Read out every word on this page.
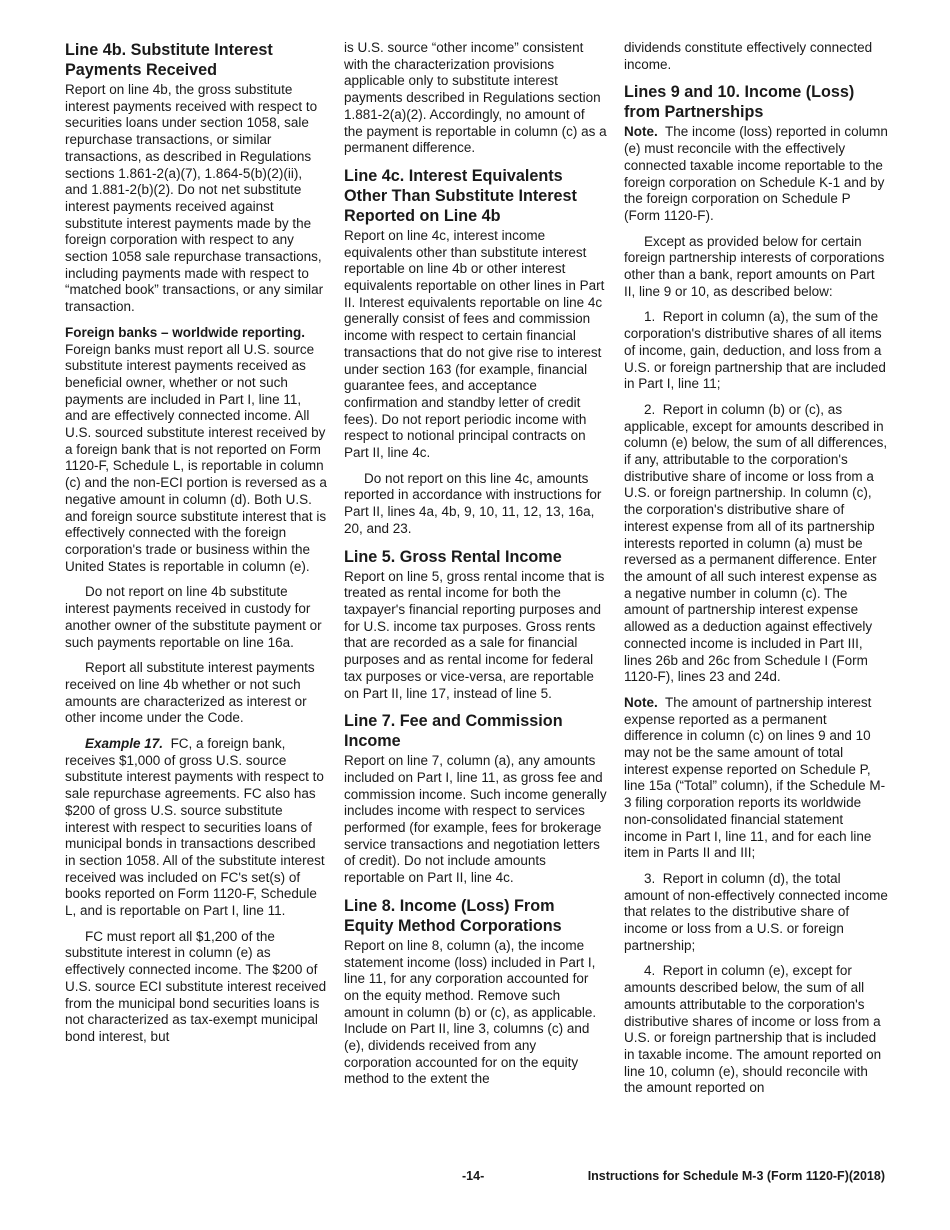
Line 4b. Substitute Interest Payments Received

Report on line 4b, the gross substitute interest payments received with respect to securities loans under section 1058, sale repurchase transactions, or similar transactions, as described in Regulations sections 1.861-2(a)(7), 1.864-5(b)(2)(ii), and 1.881-2(b)(2). Do not net substitute interest payments received against substitute interest payments made by the foreign corporation with respect to any section 1058 sale repurchase transactions, including payments made with respect to “matched book” transactions, or any similar transaction.

Foreign banks – worldwide reporting. Foreign banks must report all U.S. source substitute interest payments received as beneficial owner, whether or not such payments are included in Part I, line 11, and are effectively connected income. All U.S. sourced substitute interest received by a foreign bank that is not reported on Form 1120-F, Schedule L, is reportable in column (c) and the non-ECI portion is reversed as a negative amount in column (d). Both U.S. and foreign source substitute interest that is effectively connected with the foreign corporation's trade or business within the United States is reportable in column (e).

Do not report on line 4b substitute interest payments received in custody for another owner of the substitute payment or such payments reportable on line 16a.

Report all substitute interest payments received on line 4b whether or not such amounts are characterized as interest or other income under the Code.

Example 17. FC, a foreign bank, receives $1,000 of gross U.S. source substitute interest payments with respect to sale repurchase agreements. FC also has $200 of gross U.S. source substitute interest with respect to securities loans of municipal bonds in transactions described in section 1058. All of the substitute interest received was included on FC's set(s) of books reported on Form 1120-F, Schedule L, and is reportable on Part I, line 11.

FC must report all $1,200 of the substitute interest in column (e) as effectively connected income. The $200 of U.S. source ECI substitute interest received from the municipal bond securities loans is not characterized as tax-exempt municipal bond interest, but

is U.S. source “other income” consistent with the characterization provisions applicable only to substitute interest payments described in Regulations section 1.881-2(a)(2). Accordingly, no amount of the payment is reportable in column (c) as a permanent difference.

Line 4c. Interest Equivalents Other Than Substitute Interest Reported on Line 4b

Report on line 4c, interest income equivalents other than substitute interest reportable on line 4b or other interest equivalents reportable on other lines in Part II. Interest equivalents reportable on line 4c generally consist of fees and commission income with respect to certain financial transactions that do not give rise to interest under section 163 (for example, financial guarantee fees, and acceptance confirmation and standby letter of credit fees). Do not report periodic income with respect to notional principal contracts on Part II, line 4c.

Do not report on this line 4c, amounts reported in accordance with instructions for Part II, lines 4a, 4b, 9, 10, 11, 12, 13, 16a, 20, and 23.

Line 5. Gross Rental Income

Report on line 5, gross rental income that is treated as rental income for both the taxpayer's financial reporting purposes and for U.S. income tax purposes. Gross rents that are recorded as a sale for financial purposes and as rental income for federal tax purposes or vice-versa, are reportable on Part II, line 17, instead of line 5.

Line 7. Fee and Commission Income

Report on line 7, column (a), any amounts included on Part I, line 11, as gross fee and commission income. Such income generally includes income with respect to services performed (for example, fees for brokerage service transactions and negotiation letters of credit). Do not include amounts reportable on Part II, line 4c.

Line 8. Income (Loss) From Equity Method Corporations

Report on line 8, column (a), the income statement income (loss) included in Part I, line 11, for any corporation accounted for on the equity method. Remove such amount in column (b) or (c), as applicable. Include on Part II, line 3, columns (c) and (e), dividends received from any corporation accounted for on the equity method to the extent the

dividends constitute effectively connected income.

Lines 9 and 10. Income (Loss) from Partnerships

Note. The income (loss) reported in column (e) must reconcile with the effectively connected taxable income reportable to the foreign corporation on Schedule K-1 and by the foreign corporation on Schedule P (Form 1120-F).

Except as provided below for certain foreign partnership interests of corporations other than a bank, report amounts on Part II, line 9 or 10, as described below:

1.  Report in column (a), the sum of the corporation's distributive shares of all items of income, gain, deduction, and loss from a U.S. or foreign partnership that are included in Part I, line 11;

2.  Report in column (b) or (c), as applicable, except for amounts described in column (e) below, the sum of all differences, if any, attributable to the corporation's distributive share of income or loss from a U.S. or foreign partnership. In column (c), the corporation's distributive share of interest expense from all of its partnership interests reported in column (a) must be reversed as a permanent difference. Enter the amount of all such interest expense as a negative number in column (c). The amount of partnership interest expense allowed as a deduction against effectively connected income is included in Part III, lines 26b and 26c from Schedule I (Form 1120-F), lines 23 and 24d.

Note. The amount of partnership interest expense reported as a permanent difference in column (c) on lines 9 and 10 may not be the same amount of total interest expense reported on Schedule P, line 15a (“Total” column), if the Schedule M-3 filing corporation reports its worldwide non-consolidated financial statement income in Part I, line 11, and for each line item in Parts II and III;

3.  Report in column (d), the total amount of non-effectively connected income that relates to the distributive share of income or loss from a U.S. or foreign partnership;

4.  Report in column (e), except for amounts described below, the sum of all amounts attributable to the corporation's distributive shares of income or loss from a U.S. or foreign partnership that is included in taxable income. The amount reported on line 10, column (e), should reconcile with the amount reported on

-14-	Instructions for Schedule M-3 (Form 1120-F)(2018)
